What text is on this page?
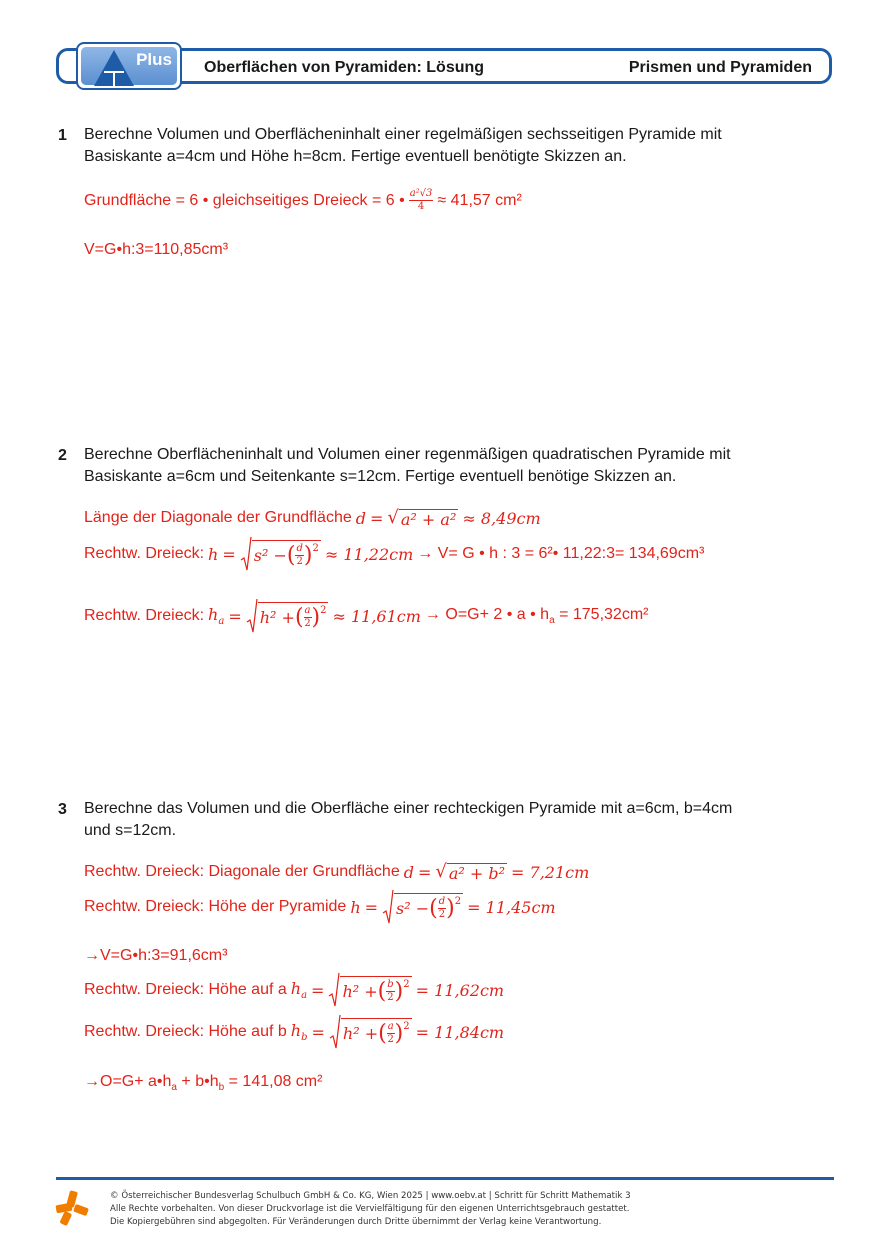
Plus Oberflächen von Pyramiden: Lösung	Prismen und Pyramiden
1 Berechne Volumen und Oberflächeninhalt einer regelmäßigen sechsseitigen Pyramide mit
Basiskante a=4cm und Höhe h=8cm. Fertige eventuell benötigte Skizzen an.
Grundfläche = 6 • gleichseitiges Dreieck = 6 • $\frac{\text{a²√3}}{4} \approx 41,57$ cm²
V=G•h:3=110,85cm³
2 Berechne Oberflächeninhalt und Volumen einer regenmäßigen quadratischen Pyramide mit
Basiskante a=6cm und Seitenkante s=12cm. Fertige eventuell benötige Skizzen an.
Länge der Diagonale der Grundfläche d = √ a² + a² ≈ 8,49cm
Rechtw. Dreieck: h = s² − ( $\frac{d}{2} )^2 \approx 11,22cm \to V= G$ • h : 3 = 6²• 11,22:3= 134,69cm³
Rechtw. Dreieck: $h_a = h^2$ + ( $\frac{a}{2} )^2 \approx 11,61cm \to O=G+ 2$ • a • $h_a = 175,32cm^2$
3 Berechne das Volumen und die Oberfläche einer rechteckigen Pyramide mit a=6cm, b=4cm
und s=12cm.
Rechtw. Dreieck: Diagonale der Grundfläche d = √ a² + b² = 7,21cm
Rechtw. Dreieck: Höhe der Pyramide h = s² − ( $\frac{d}{2} )^2 = 11,45cm$
→V=G•h:3=91,6cm³
Rechtw. Dreieck: Höhe auf a $h_a = h^2$ + ( $\frac{b}{2} )^2 = 11,62cm$
Rechtw. Dreieck: Höhe auf b $h_b = h^2$ + ( $\frac{a}{2} )^2 = 11,84cm$
$\to O=G+ a•h_a$ + $b•h_b = 141,08$ cm²
© Österreichischer Bundesverlag Schulbuch GmbH & Co. KG, Wien 2025 | www.oebv.at | Schritt für Schritt Mathematik 3
Alle Rechte vorbehalten. Von dieser Druckvorlage ist die Vervielfältigung für den eigenen Unterrichtsgebrauch gestattet.
Die Kopiergebühren sind abgegolten. Für Veränderungen durch Dritte übernimmt der Verlag keine Verantwortung.
